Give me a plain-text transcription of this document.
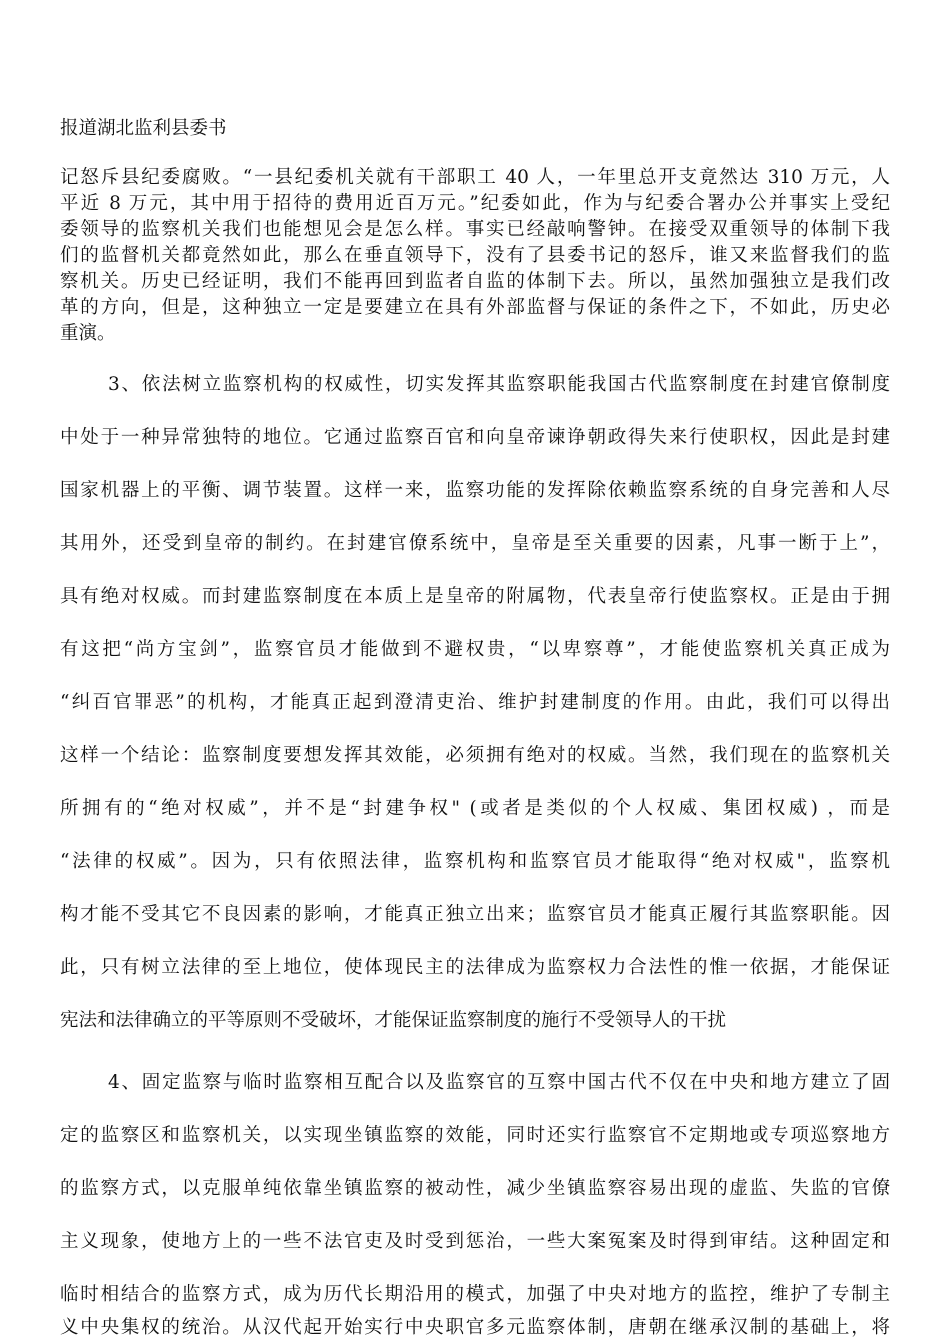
报道湖北监利县委书
记怒斥县纪委腐败。“一县纪委机关就有干部职工 40 人，一年里总开支竟然达 310 万元，人
平近 8 万元，其中用于招待的费用近百万元。”纪委如此，作为与纪委合署办公并事实上受纪
委领导的监察机关我们也能想见会是怎么样。事实已经敲响警钟。在接受双重领导的体制下我
们的监督机关都竟然如此，那么在垂直领导下，没有了县委书记的怒斥，谁又来监督我们的监
察机关。历史已经证明，我们不能再回到监者自监的体制下去。所以，虽然加强独立是我们改
革的方向，但是，这种独立一定是要建立在具有外部监督与保证的条件之下，不如此，历史必
重演。
3、依法树立监察机构的权威性，切实发挥其监察职能我国古代监察制度在封建官僚制度
中处于一种异常独特的地位。它通过监察百官和向皇帝谏诤朝政得失来行使职权，因此是封建
国家机器上的平衡、调节装置。这样一来，监察功能的发挥除依赖监察系统的自身完善和人尽
其用外，还受到皇帝的制约。在封建官僚系统中，皇帝是至关重要的因素，凡事一断于上”，
具有绝对权威。而封建监察制度在本质上是皇帝的附属物，代表皇帝行使监察权。正是由于拥
有这把“尚方宝剑”，监察官员才能做到不避权贵，“以卑察尊”，才能使监察机关真正成为
“纠百官罪恶”的机构，才能真正起到澄清吏治、维护封建制度的作用。由此，我们可以得出
这样一个结论：监察制度要想发挥其效能，必须拥有绝对的权威。当然，我们现在的监察机关
所拥有的“绝对权威”，并不是“封建争权" (或者是类似的个人权威、集团权威) ，而是
“法律的权威”。因为，只有依照法律，监察机构和监察官员才能取得“绝对权威"，监察机
构才能不受其它不良因素的影响，才能真正独立出来；监察官员才能真正履行其监察职能。因
此，只有树立法律的至上地位，使体现民主的法律成为监察权力合法性的惟一依据，才能保证
宪法和法律确立的平等原则不受破坏，才能保证监察制度的施行不受领导人的干扰
4、固定监察与临时监察相互配合以及监察官的互察中国古代不仅在中央和地方建立了固
定的监察区和监察机关，以实现坐镇监察的效能，同时还实行监察官不定期地或专项巡察地方
的监察方式，以克服单纯依靠坐镇监察的被动性，减少坐镇监察容易出现的虚监、失监的官僚
主义现象，使地方上的一些不法官吏及时受到惩治，一些大案冤案及时得到审结。这种固定和
临时相结合的监察方式，成为历代长期沿用的模式，加强了中央对地方的监控，维护了专制主
义中央集权的统治。从汉代起开始实行中央职官多元监察体制，唐朝在继承汉制的基础上，将
